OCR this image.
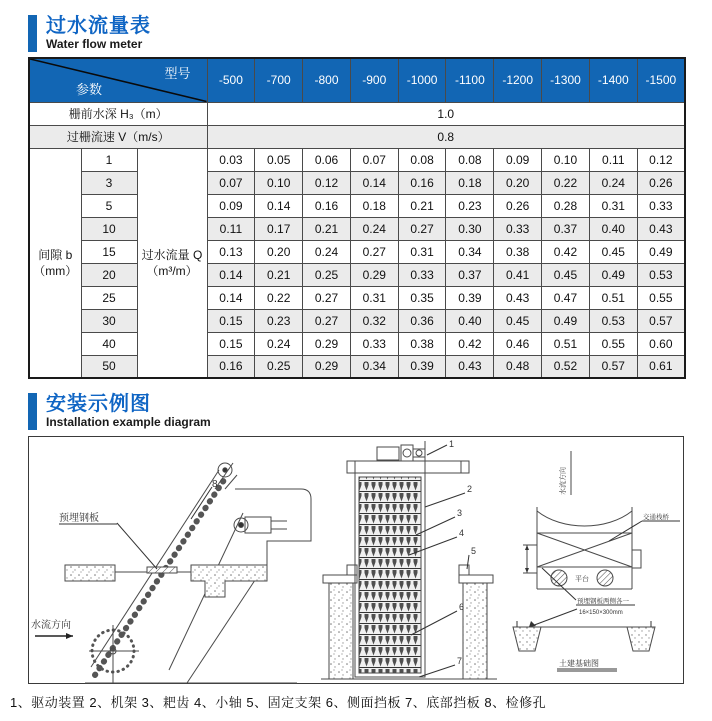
过水流量表
Water flow meter
型号
参数			-500	-700	-800	-900	-1000	-1100	-1200	-1300	-1400	-1500
栅前水深 H₃（m）			1.0									
过栅流速 V（m/s）			0.8									
间隙 b （mm）	1	过水流量 Q（m³/m）	0.03	0.05	0.06	0.07	0.08	0.08	0.09	0.10	0.11	0.12
	3		0.07	0.10	0.12	0.14	0.16	0.18	0.20	0.22	0.24	0.26
	5		0.09	0.14	0.16	0.18	0.21	0.23	0.26	0.28	0.31	0.33
	10		0.11	0.17	0.21	0.24	0.27	0.30	0.33	0.37	0.40	0.43
	15		0.13	0.20	0.24	0.27	0.31	0.34	0.38	0.42	0.45	0.49
	20		0.14	0.21	0.25	0.29	0.33	0.37	0.41	0.45	0.49	0.53
	25		0.14	0.22	0.27	0.31	0.35	0.39	0.43	0.47	0.51	0.55
	30		0.15	0.23	0.27	0.32	0.36	0.40	0.45	0.49	0.53	0.57
	40		0.15	0.24	0.29	0.33	0.38	0.42	0.46	0.51	0.55	0.60
	50		0.16	0.25	0.29	0.34	0.39	0.43	0.48	0.52	0.57	0.61
安装示例图
Installation example diagram
预埋钢板
水流方向
8
1
2
3
4
5
6
7
水流方向
交通栈桥
平台
预埋钢板两侧各一
16×150×300mm
土建基础图
1、驱动装置 2、机架 3、耙齿 4、小轴 5、固定支架 6、侧面挡板 7、底部挡板 8、检修孔
